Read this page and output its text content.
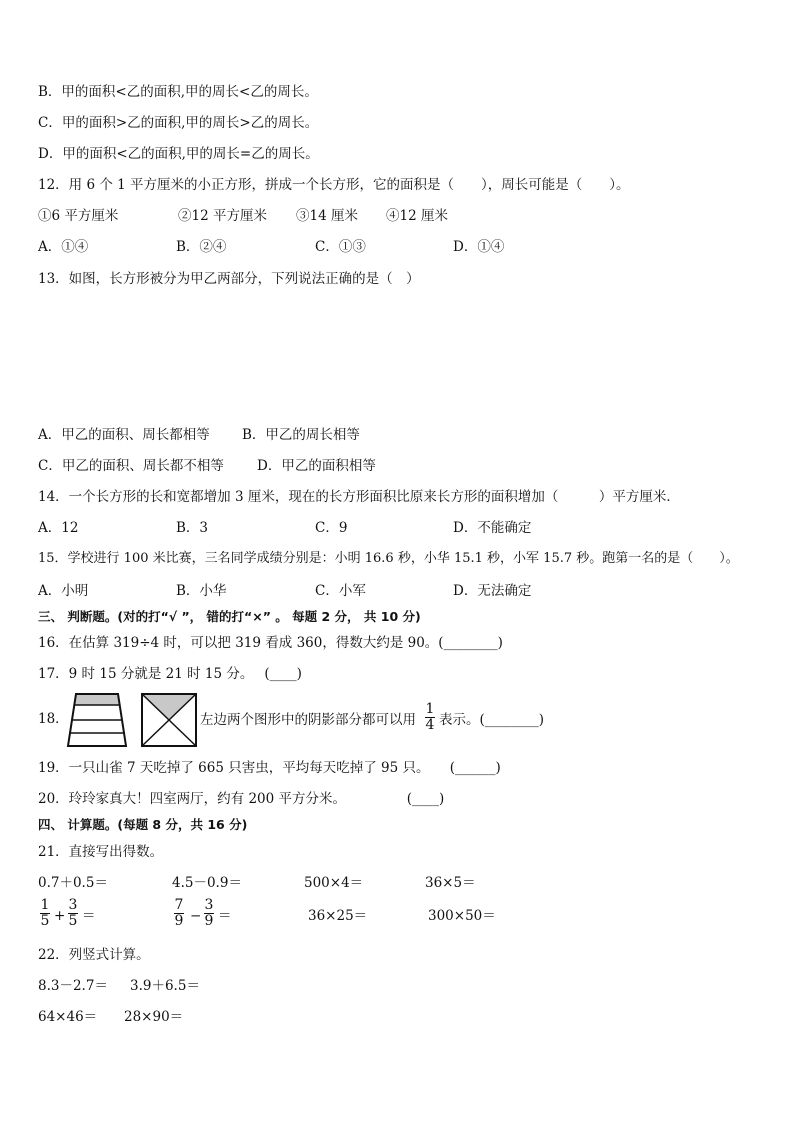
B．甲的面积<乙的面积,甲的周长<乙的周长。
C．甲的面积>乙的面积,甲的周长>乙的周长。
D．甲的面积<乙的面积,甲的周长=乙的周长。
12．用 6 个 1 平方厘米的小正方形，拼成一个长方形，它的面积是（　　），周长可能是（　　）。
①6 平方厘米	②12 平方厘米 ③14 厘米 ④12 厘米
A．①④	B．②④	C．①③	D．①④
13．如图，长方形被分为甲乙两部分，下列说法正确的是（　）
A．甲乙的面积、周长都相等 B．甲乙的周长相等
C．甲乙的面积、周长都不相等 D．甲乙的面积相等
14．一个长方形的长和宽都增加 3 厘米，现在的长方形面积比原来长方形的面积增加（　　　）平方厘米．
A．12	B．3	C．9	D．不能确定
15．学校进行 100 米比赛，三名同学成绩分别是：小明 16.6 秒，小华 15.1 秒，小军 15.7 秒。跑第一名的是（　　）。
A．小明	B．小华	C．小军	D．无法确定
三、 判断题。(对的打“√ ”， 错的打“×” 。 每题 2 分， 共 10 分)
16．在估算 319÷4 时，可以把 319 看成 360，得数大约是 90。(________)
17．9 时 15 分就是 21 时 15 分。　 (____)
18．	左边两个图形中的阴影部分都可以用
1
4 表示。(________)
19．一只山雀 7 天吃掉了 665 只害虫，平均每天吃掉了 95 只。　　(______)
20．玲玲家真大！四室两厅，约有 200 平方分米。　　　　　(____)
四、 计算题。(每题 8 分，共 16 分)
21．直接写出得数。
0.7＋0.5＝	4.5－0.9＝	500×4＝	36×5＝
1
5 +
3
5 ＝
7
9 −
3
9 ＝	36×25＝	300×50＝
22．列竖式计算。
8.3－2.7＝ 3.9＋6.5＝
64×46＝ 28×90＝
